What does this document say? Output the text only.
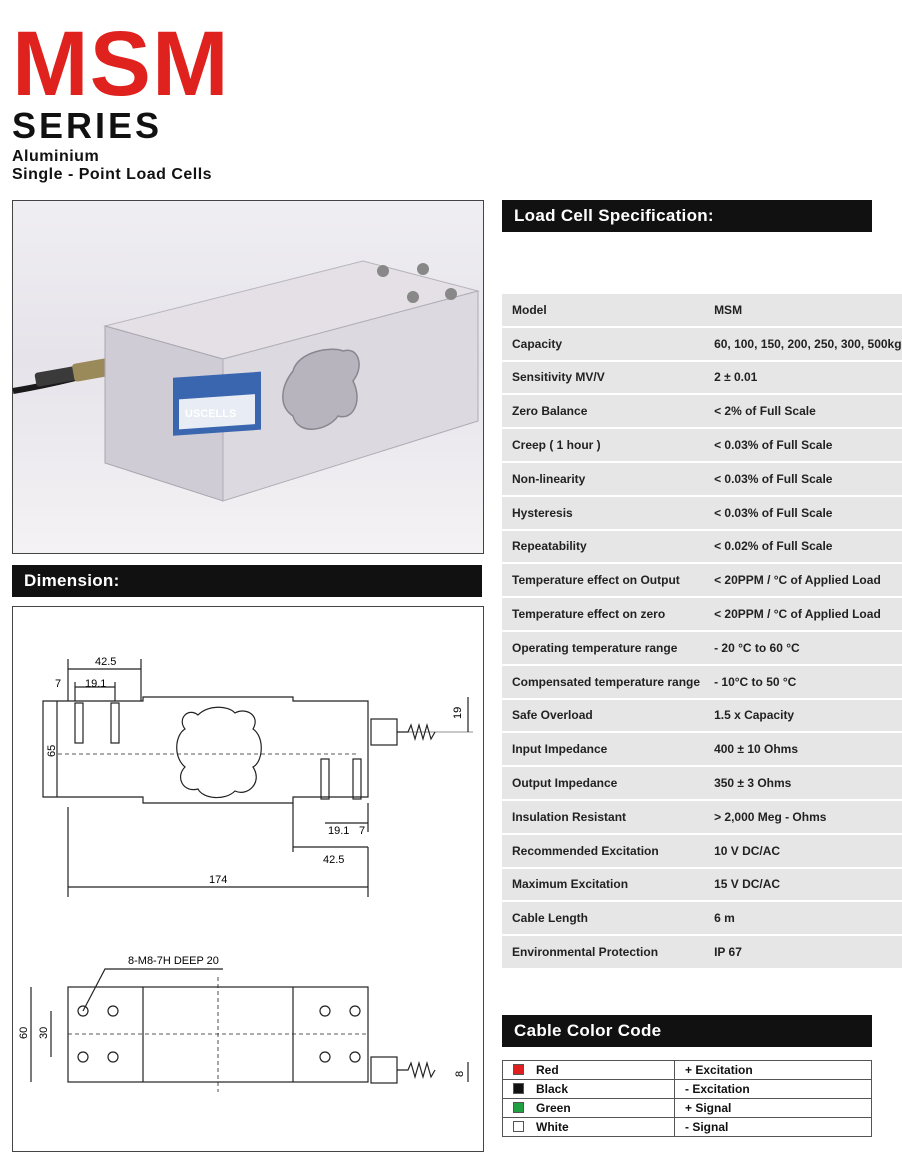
MSM
SERIES
Aluminium
Single - Point Load Cells
USCELLS
Load Cell Specification:
Model	MSM
Capacity	60, 100, 150, 200, 250, 300, 500kg
Sensitivity MV/V	2 ± 0.01
Zero Balance	< 2% of Full Scale
Creep ( 1 hour )	< 0.03% of Full Scale
Non-linearity	< 0.03% of Full Scale
Hysteresis	< 0.03% of Full Scale
Repeatability	< 0.02% of Full Scale
Temperature effect on Output	< 20PPM / °C of Applied Load
Temperature effect on zero	< 20PPM / °C of Applied Load
Operating temperature range	- 20 °C to 60 °C
Compensated temperature range	- 10°C to 50 °C
Safe Overload	1.5 x Capacity
Input Impedance	400 ± 10 Ohms
Output Impedance	350 ± 3 Ohms
Insulation Resistant	> 2,000 Meg - Ohms
Recommended Excitation	10 V DC/AC
Maximum Excitation	15 V DC/AC
Cable Length	6 m
Environmental Protection	IP 67
Dimension:
42.5
7 19.1
19
65
19.1 7
42.5
174
8-M8-7H DEEP 20
60 30
8
Cable Color Code
Red	+ Excitation
Black	- Excitation
Green	+ Signal
White	- Signal
